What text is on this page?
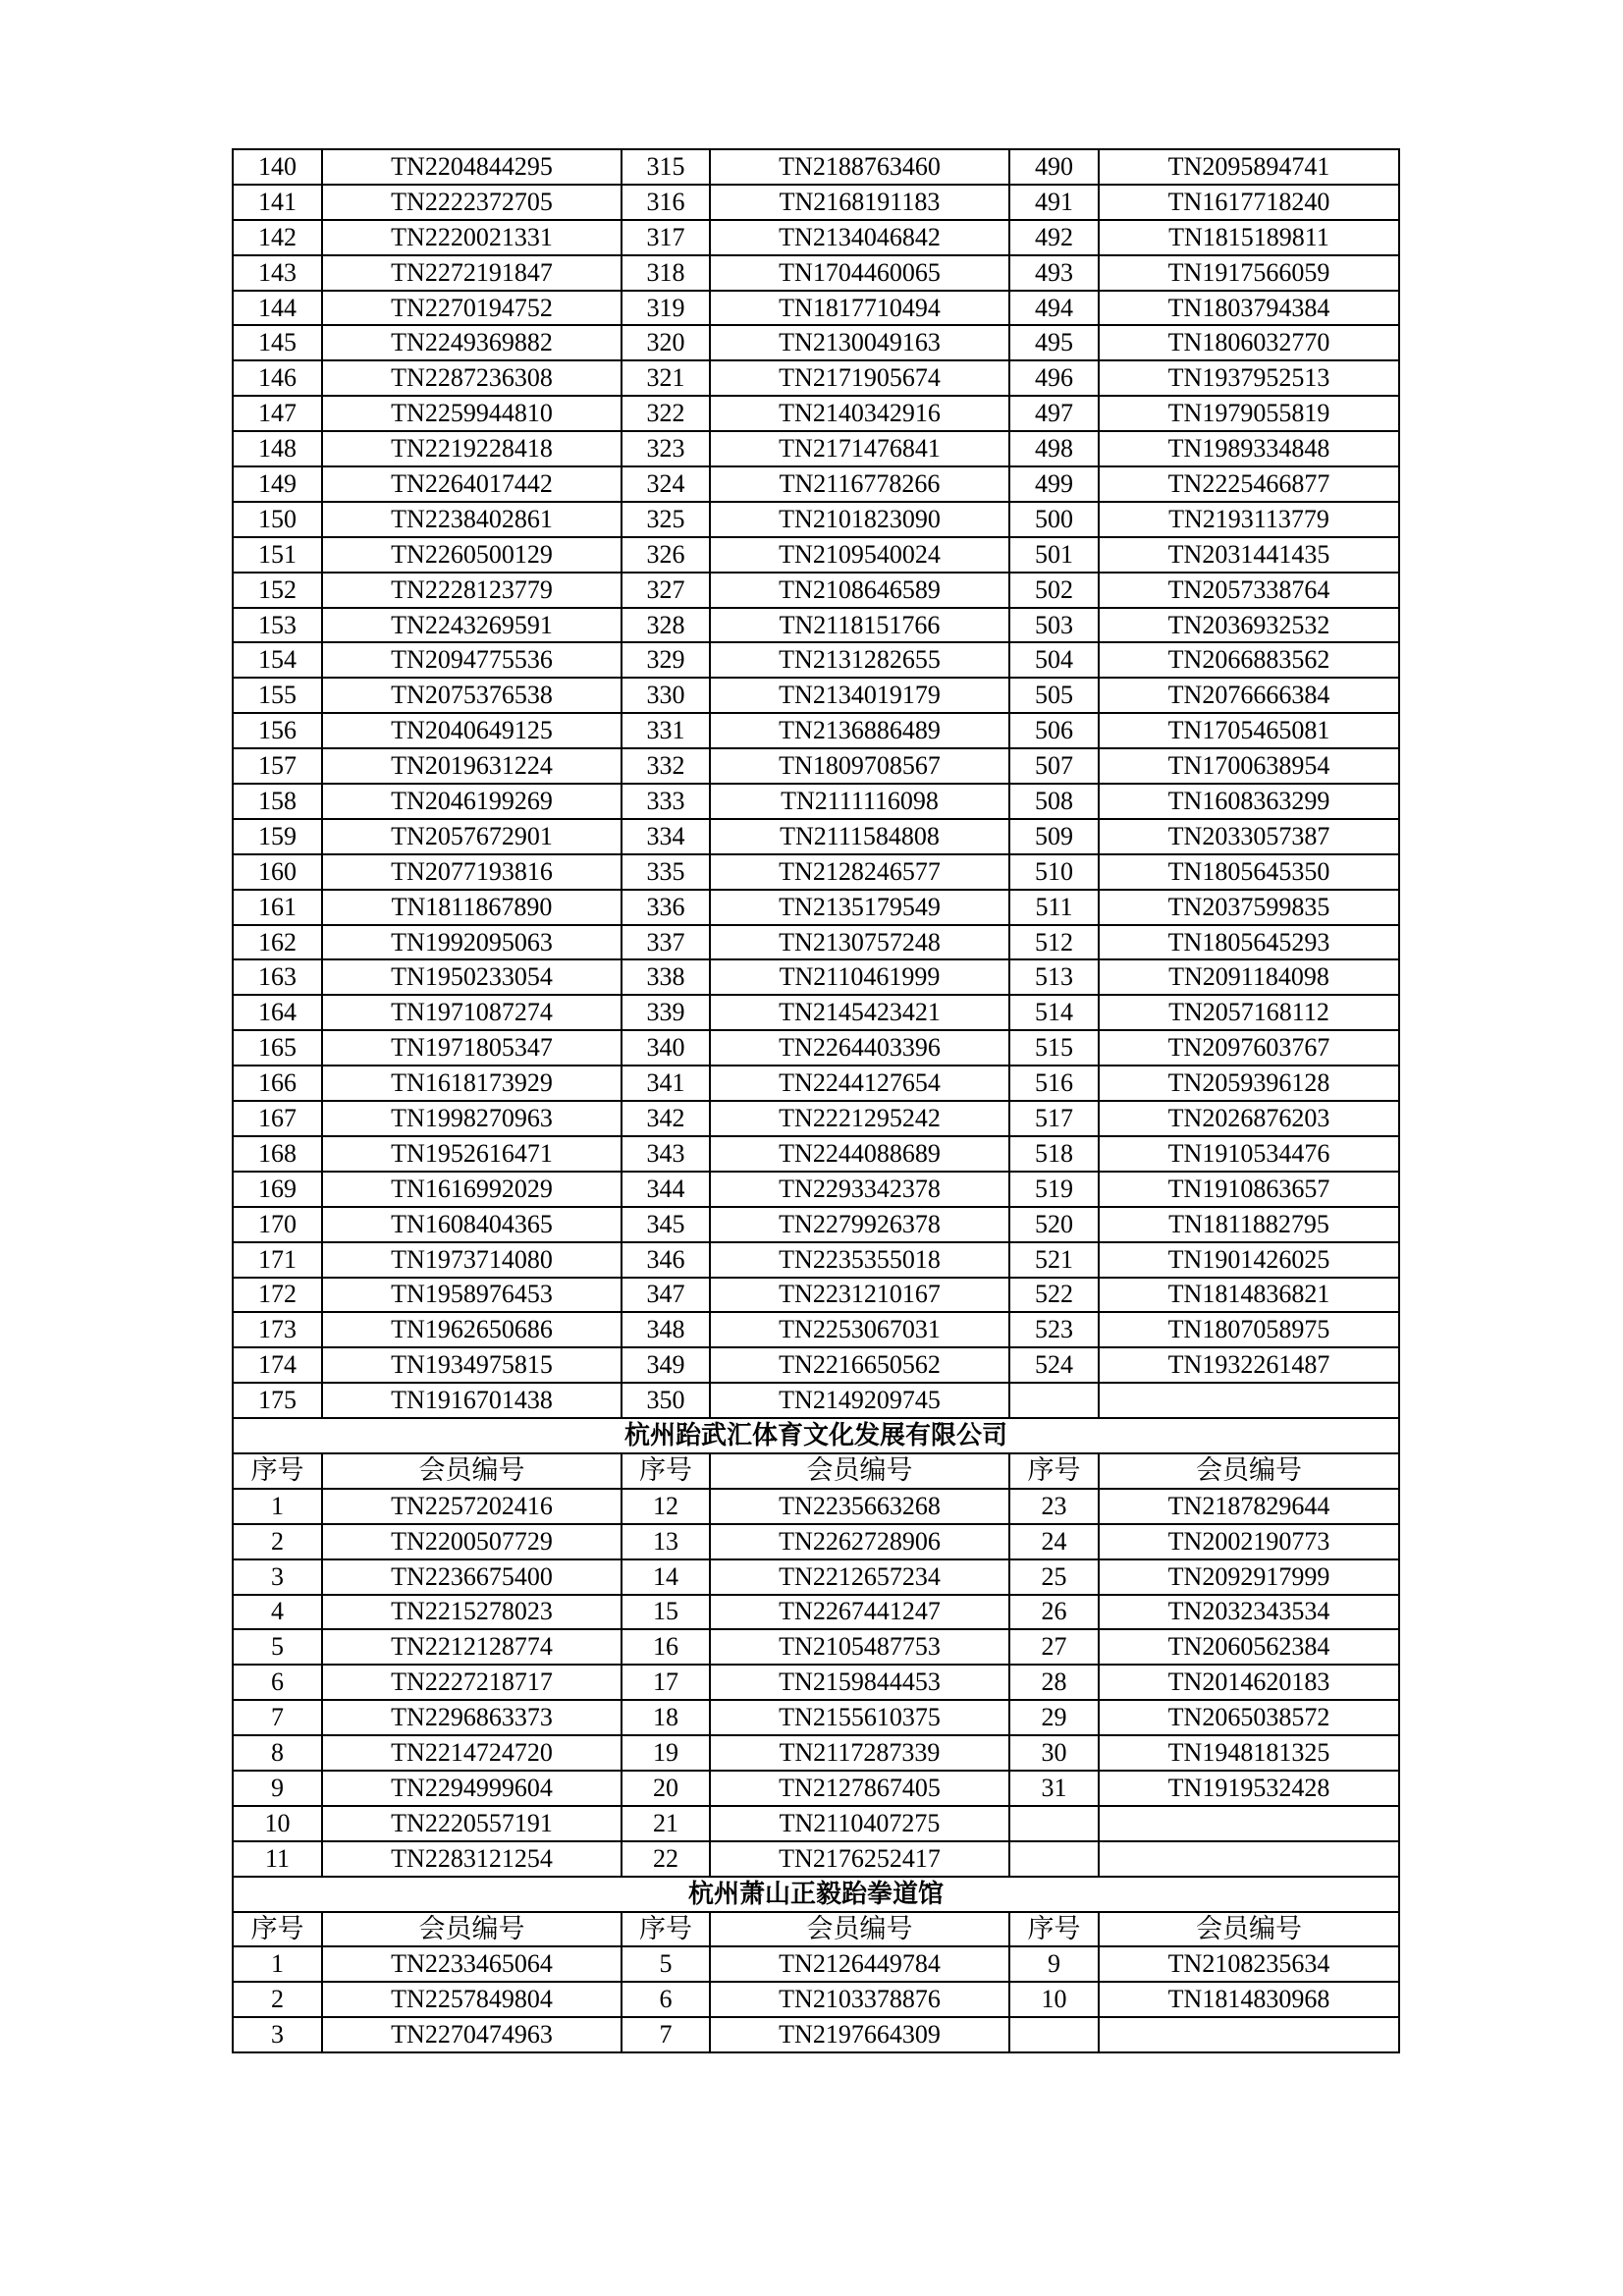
140	TN2204844295	315	TN2188763460	490	TN2095894741
141	TN2222372705	316	TN2168191183	491	TN1617718240
142	TN2220021331	317	TN2134046842	492	TN1815189811
143	TN2272191847	318	TN1704460065	493	TN1917566059
144	TN2270194752	319	TN1817710494	494	TN1803794384
145	TN2249369882	320	TN2130049163	495	TN1806032770
146	TN2287236308	321	TN2171905674	496	TN1937952513
147	TN2259944810	322	TN2140342916	497	TN1979055819
148	TN2219228418	323	TN2171476841	498	TN1989334848
149	TN2264017442	324	TN2116778266	499	TN2225466877
150	TN2238402861	325	TN2101823090	500	TN2193113779
151	TN2260500129	326	TN2109540024	501	TN2031441435
152	TN2228123779	327	TN2108646589	502	TN2057338764
153	TN2243269591	328	TN2118151766	503	TN2036932532
154	TN2094775536	329	TN2131282655	504	TN2066883562
155	TN2075376538	330	TN2134019179	505	TN2076666384
156	TN2040649125	331	TN2136886489	506	TN1705465081
157	TN2019631224	332	TN1809708567	507	TN1700638954
158	TN2046199269	333	TN2111116098	508	TN1608363299
159	TN2057672901	334	TN2111584808	509	TN2033057387
160	TN2077193816	335	TN2128246577	510	TN1805645350
161	TN1811867890	336	TN2135179549	511	TN2037599835
162	TN1992095063	337	TN2130757248	512	TN1805645293
163	TN1950233054	338	TN2110461999	513	TN2091184098
164	TN1971087274	339	TN2145423421	514	TN2057168112
165	TN1971805347	340	TN2264403396	515	TN2097603767
166	TN1618173929	341	TN2244127654	516	TN2059396128
167	TN1998270963	342	TN2221295242	517	TN2026876203
168	TN1952616471	343	TN2244088689	518	TN1910534476
169	TN1616992029	344	TN2293342378	519	TN1910863657
170	TN1608404365	345	TN2279926378	520	TN1811882795
171	TN1973714080	346	TN2235355018	521	TN1901426025
172	TN1958976453	347	TN2231210167	522	TN1814836821
173	TN1962650686	348	TN2253067031	523	TN1807058975
174	TN1934975815	349	TN2216650562	524	TN1932261487
175	TN1916701438	350	TN2149209745		
杭州跆武汇体育文化发展有限公司					
序号	会员编号	序号	会员编号	序号	会员编号
1	TN2257202416	12	TN2235663268	23	TN2187829644
2	TN2200507729	13	TN2262728906	24	TN2002190773
3	TN2236675400	14	TN2212657234	25	TN2092917999
4	TN2215278023	15	TN2267441247	26	TN2032343534
5	TN2212128774	16	TN2105487753	27	TN2060562384
6	TN2227218717	17	TN2159844453	28	TN2014620183
7	TN2296863373	18	TN2155610375	29	TN2065038572
8	TN2214724720	19	TN2117287339	30	TN1948181325
9	TN2294999604	20	TN2127867405	31	TN1919532428
10	TN2220557191	21	TN2110407275		
11	TN2283121254	22	TN2176252417		
杭州萧山正毅跆拳道馆					
序号	会员编号	序号	会员编号	序号	会员编号
1	TN2233465064	5	TN2126449784	9	TN2108235634
2	TN2257849804	6	TN2103378876	10	TN1814830968
3	TN2270474963	7	TN2197664309		
